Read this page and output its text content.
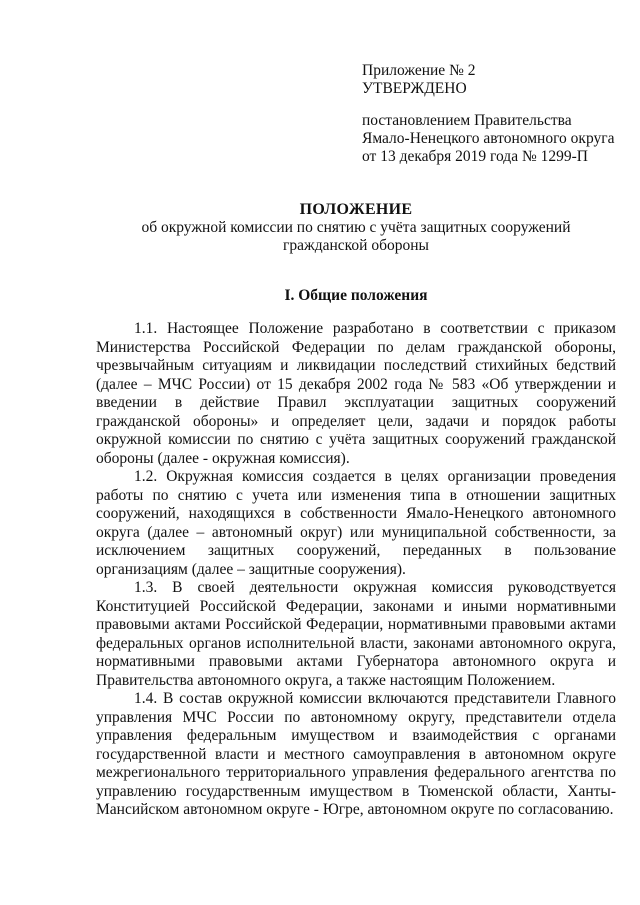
Приложение № 2
УТВЕРЖДЕНО
постановлением Правительства
Ямало-Ненецкого автономного округа
от 13 декабря 2019 года № 1299-П
ПОЛОЖЕНИЕ
об окружной комиссии по снятию с учёта защитных сооружений
гражданской обороны
I. Общие положения

1.1. Настоящее Положение разработано в соответствии с приказом Министерства Российской Федерации по делам гражданской обороны, чрезвычайным ситуациям и ликвидации последствий стихийных бедствий (далее – МЧС России) от 15 декабря 2002 года № 583 «Об утверждении и введении в действие Правил эксплуатации защитных сооружений гражданской обороны» и определяет цели, задачи и порядок работы окружной комиссии по снятию с учёта защитных сооружений гражданской обороны (далее - окружная комиссия).

1.2. Окружная комиссия создается в целях организации проведения работы по снятию с учета или изменения типа в отношении защитных сооружений, находящихся в собственности Ямало-Ненецкого автономного округа (далее – автономный округ) или муниципальной собственности, за исключением защитных сооружений, переданных в пользование организациям (далее – защитные сооружения).

1.3. В своей деятельности окружная комиссия руководствуется Конституцией Российской Федерации, законами и иными нормативными правовыми актами Российской Федерации, нормативными правовыми актами федеральных органов исполнительной власти, законами автономного округа, нормативными правовыми актами Губернатора автономного округа и Правительства автономного округа, а также настоящим Положением.

1.4. В состав окружной комиссии включаются представители Главного управления МЧС России по автономному округу, представители отдела управления федеральным имуществом и взаимодействия с органами государственной власти и местного самоуправления в автономном округе межрегионального территориального управления федерального агентства по управлению государственным имуществом в Тюменской области, Ханты-Мансийском автономном округе - Югре, автономном округе по согласованию.
